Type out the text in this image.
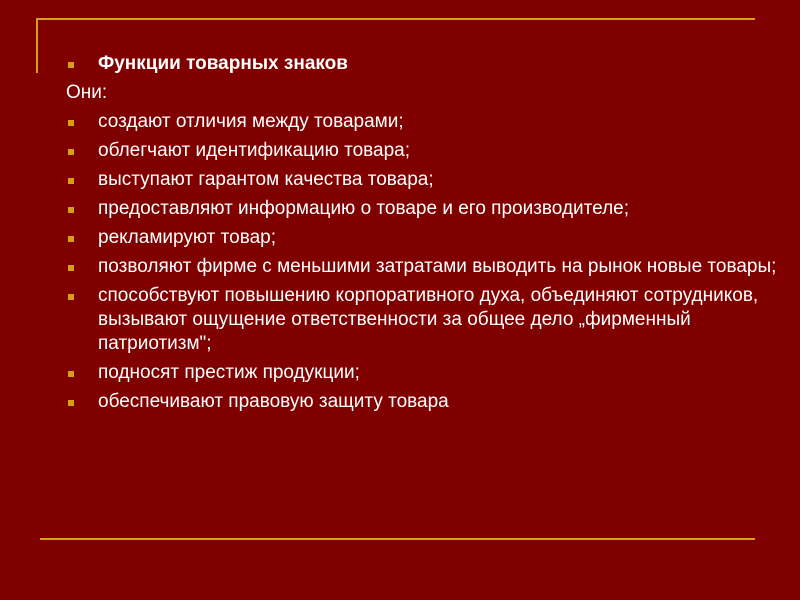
Функции товарных знаков
Они:
создают отличия между товарами;
облегчают идентификацию товара;
выступают гарантом качества товара;
предоставляют информацию о товаре и его производителе;
рекламируют товар;
позволяют фирме с меньшими затратами выводить на рынок новые товары;
способствуют повышению корпоративного духа, объединяют сотрудников, вызывают ощущение ответственности за общее дело „фирменный патриотизм";
подносят престиж продукции;
обеспечивают правовую защиту товара
